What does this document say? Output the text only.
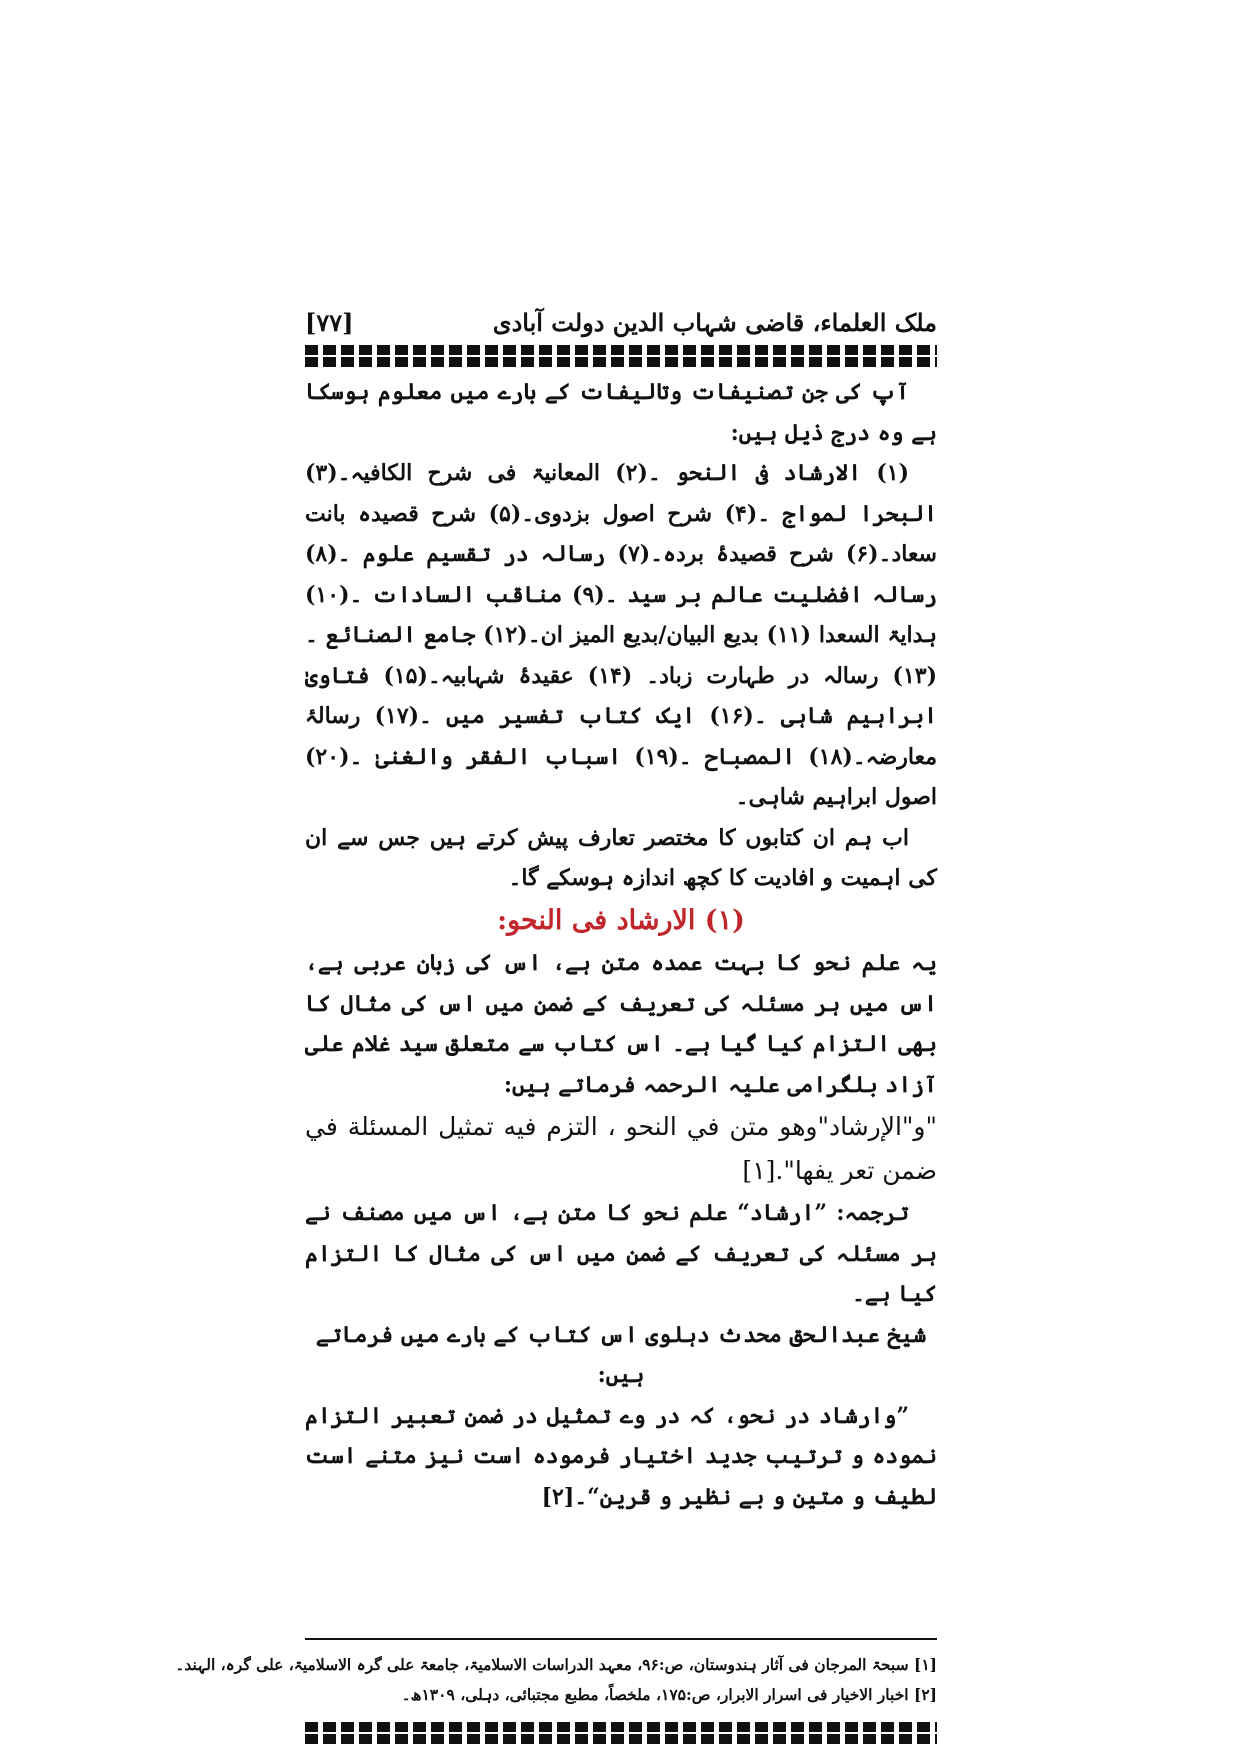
[۷۷]	ملک العلماء، قاضی شہاب الدین دولت آبادی

آپ کی جن تصنیفات وتالیفات کے بارے میں معلوم ہوسکا ہے وہ درج ذیل ہیں:

(۱) الارشاد فی النحو ۔(۲) المعانیۃ فی شرح الکافیہ۔(۳) البحرا لمواج ۔(۴) شرح اصول بزدوی۔(۵) شرح قصیدہ بانت سعاد۔(۶) شرح قصیدۂ بردہ۔(۷) رسالہ در تقسیم علوم ۔(۸) رسالہ افضلیت عالم بر سید ۔(۹) مناقب السادات ۔(۱۰) ہدایۃ السعدا (۱۱) بدیع البیان/بدیع المیز ان۔(۱۲) جامع الصنائع ۔(۱۳) رسالہ در طہارت زباد۔ (۱۴) عقیدۂ شہابیہ۔(۱۵) فتاویٰ ابراہیم شاہی ۔(۱۶) ایک کتاب تفسیر میں ۔(۱۷) رسالۂ معارضہ۔(۱۸) المصباح ۔(۱۹) اسباب الفقر والغنیٰ ۔(۲۰) اصول ابراہیم شاہی۔

اب ہم ان کتابوں کا مختصر تعارف پیش کرتے ہیں جس سے ان کی اہمیت و افادیت کا کچھ اندازہ ہوسکے گا۔

(۱) الارشاد فی النحو:

یہ علم نحو کا بہت عمدہ متن ہے، اس کی زبان عربی ہے، اس میں ہر مسئلہ کی تعریف کے ضمن میں اس کی مثال کا بھی التزام کیا گیا ہے۔ اس کتاب سے متعلق سید غلام علی آزاد بلگرامی علیہ الرحمہ فرماتے ہیں:

"و"الإرشاد"وهو متن في النحو ، التزم فيه تمثيل المسئلة في ضمن تعر يفها".[۱]

ترجمہ: ”ارشاد“ علم نحو کا متن ہے، اس میں مصنف نے ہر مسئلہ کی تعریف کے ضمن میں اس کی مثال کا التزام کیا ہے۔

شیخ عبدالحق محدث دہلوی اس کتاب کے بارے میں فرماتے ہیں:

”وارشاد در نحو، کہ در وے تمثیل در ضمن تعبیر التزام نمودہ و ترتیب جدید اختیار فرمودہ است نیز متنے است لطیف و متین و بے نظیر و قرین“۔[۲]

[۱] سبحۃ المرجان فی آثار ہندوستان، ص:۹۶، معہد الدراسات الاسلامیۃ، جامعۃ علی گرہ الاسلامیۃ، علی گرہ، الہند۔

[۲] اخبار الاخیار فی اسرار الابرار، ص:۱۷۵، ملخصاً، مطبع مجتبائی، دہلی، ۱۳۰۹ھ۔
